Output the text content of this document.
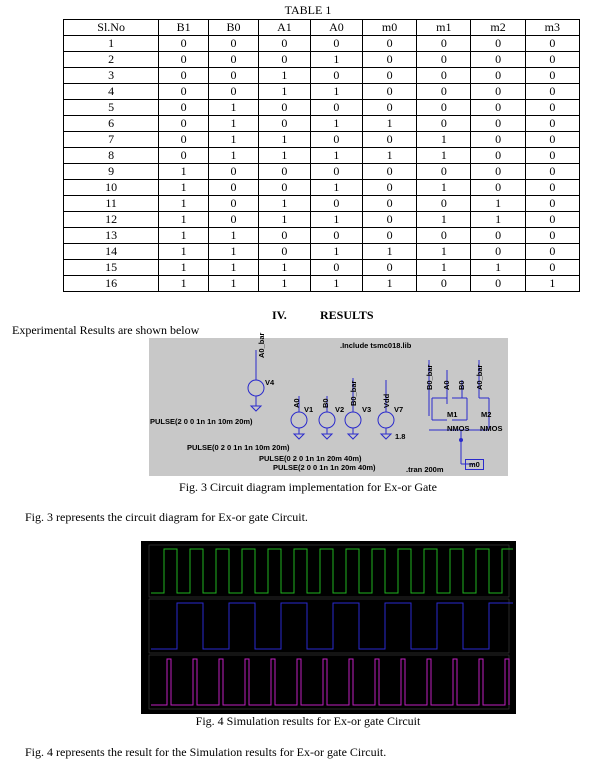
TABLE 1
Sl.No	B1	B0	A1	A0	m0	m1	m2	m3
1	0	0	0	0	0	0	0	0
2	0	0	0	1	0	0	0	0
3	0	0	1	0	0	0	0	0
4	0	0	1	1	0	0	0	0
5	0	1	0	0	0	0	0	0
6	0	1	0	1	1	0	0	0
7	0	1	1	0	0	1	0	0
8	0	1	1	1	1	1	0	0
9	1	0	0	0	0	0	0	0
10	1	0	0	1	0	1	0	0
11	1	0	1	0	0	0	1	0
12	1	0	1	1	0	1	1	0
13	1	1	0	0	0	0	0	0
14	1	1	0	1	1	1	0	0
15	1	1	1	0	0	1	1	0
16	1	1	1	1	1	0	0	1
IV.	RESULTS
Experimental Results are shown below
.Include tsmc018.lib
A0_bar
V4
A0	B0	B0_bar	Vdd
V1	V2 V3	V7
1.8
B0_bar A0 B0 A0_bar
M1	M2
NMOS NMOS
m0
PULSE(2 0 0 1n 1n 10m 20m)
PULSE(0 2 0 1n 1n 10m 20m)
PULSE(0 2 0 1n 1n 20m 40m)
PULSE(2 0 0 1n 1n 20m 40m)	.tran 200m
Fig. 3 Circuit diagram implementation for Ex-or Gate
Fig. 3 represents the circuit diagram for Ex-or gate Circuit.
Fig. 4 Simulation results for Ex-or gate Circuit
Fig. 4 represents the result for the Simulation results for Ex-or gate Circuit.
